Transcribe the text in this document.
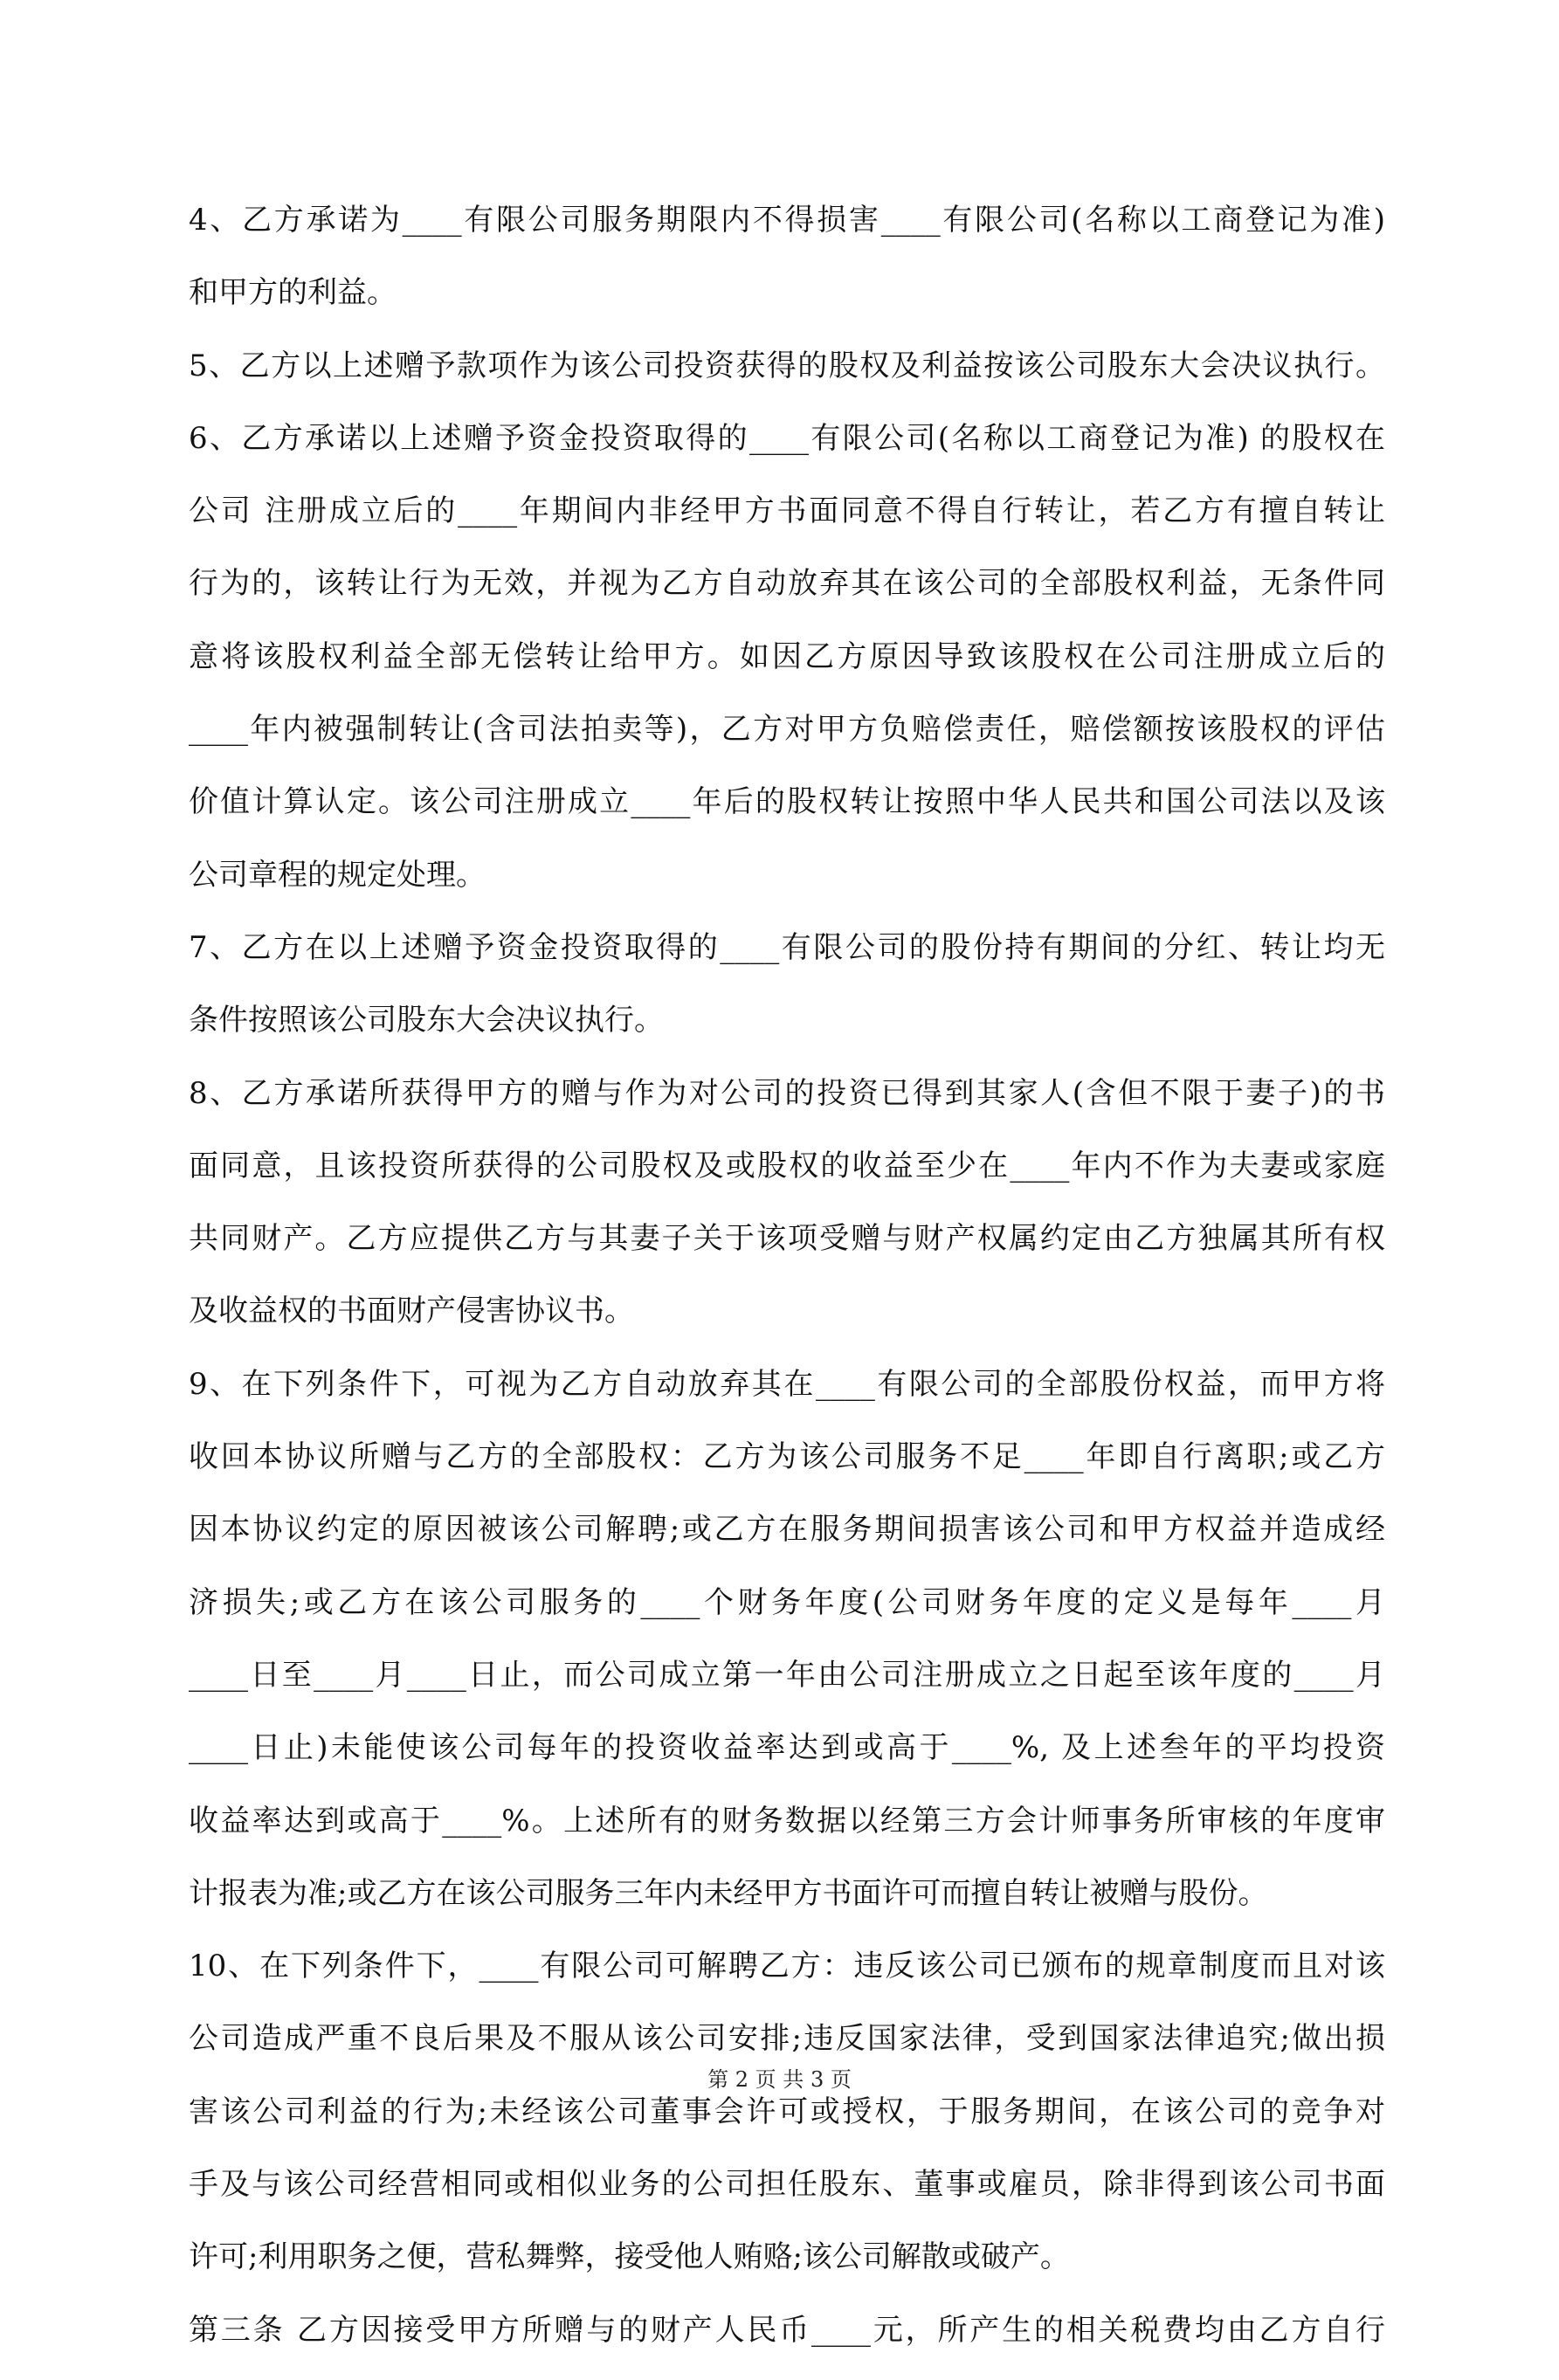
4、乙方承诺为____有限公司服务期限内不得损害____有限公司(名称以工商登记为准)
和甲方的利益。
5、乙方以上述赠予款项作为该公司投资获得的股权及利益按该公司股东大会决议执行。
6、乙方承诺以上述赠予资金投资取得的____有限公司(名称以工商登记为准) 的股权在
公司 注册成立后的____年期间内非经甲方书面同意不得自行转让，若乙方有擅自转让
行为的，该转让行为无效，并视为乙方自动放弃其在该公司的全部股权利益，无条件同
意将该股权利益全部无偿转让给甲方。如因乙方原因导致该股权在公司注册成立后的
____年内被强制转让(含司法拍卖等)，乙方对甲方负赔偿责任，赔偿额按该股权的评估
价值计算认定。该公司注册成立____年后的股权转让按照中华人民共和国公司法以及该
公司章程的规定处理。
7、乙方在以上述赠予资金投资取得的____有限公司的股份持有期间的分红、转让均无
条件按照该公司股东大会决议执行。
8、乙方承诺所获得甲方的赠与作为对公司的投资已得到其家人(含但不限于妻子)的书
面同意，且该投资所获得的公司股权及或股权的收益至少在____年内不作为夫妻或家庭
共同财产。乙方应提供乙方与其妻子关于该项受赠与财产权属约定由乙方独属其所有权
及收益权的书面财产侵害协议书。
9、在下列条件下，可视为乙方自动放弃其在____有限公司的全部股份权益，而甲方将
收回本协议所赠与乙方的全部股权：乙方为该公司服务不足____年即自行离职;或乙方
因本协议约定的原因被该公司解聘;或乙方在服务期间损害该公司和甲方权益并造成经
济损失;或乙方在该公司服务的____个财务年度(公司财务年度的定义是每年____月
____日至____月____日止，而公司成立第一年由公司注册成立之日起至该年度的____月
____日止)未能使该公司每年的投资收益率达到或高于____%, 及上述叁年的平均投资
收益率达到或高于____%。上述所有的财务数据以经第三方会计师事务所审核的年度审
计报表为准;或乙方在该公司服务三年内未经甲方书面许可而擅自转让被赠与股份。
10、在下列条件下，____有限公司可解聘乙方：违反该公司已颁布的规章制度而且对该
公司造成严重不良后果及不服从该公司安排;违反国家法律，受到国家法律追究;做出损
害该公司利益的行为;未经该公司董事会许可或授权，于服务期间，在该公司的竞争对
手及与该公司经营相同或相似业务的公司担任股东、董事或雇员，除非得到该公司书面
许可;利用职务之便，营私舞弊，接受他人贿赂;该公司解散或破产。
第三条 乙方因接受甲方所赠与的财产人民币____元，所产生的相关税费均由乙方自行
第 2 页 共 3 页
